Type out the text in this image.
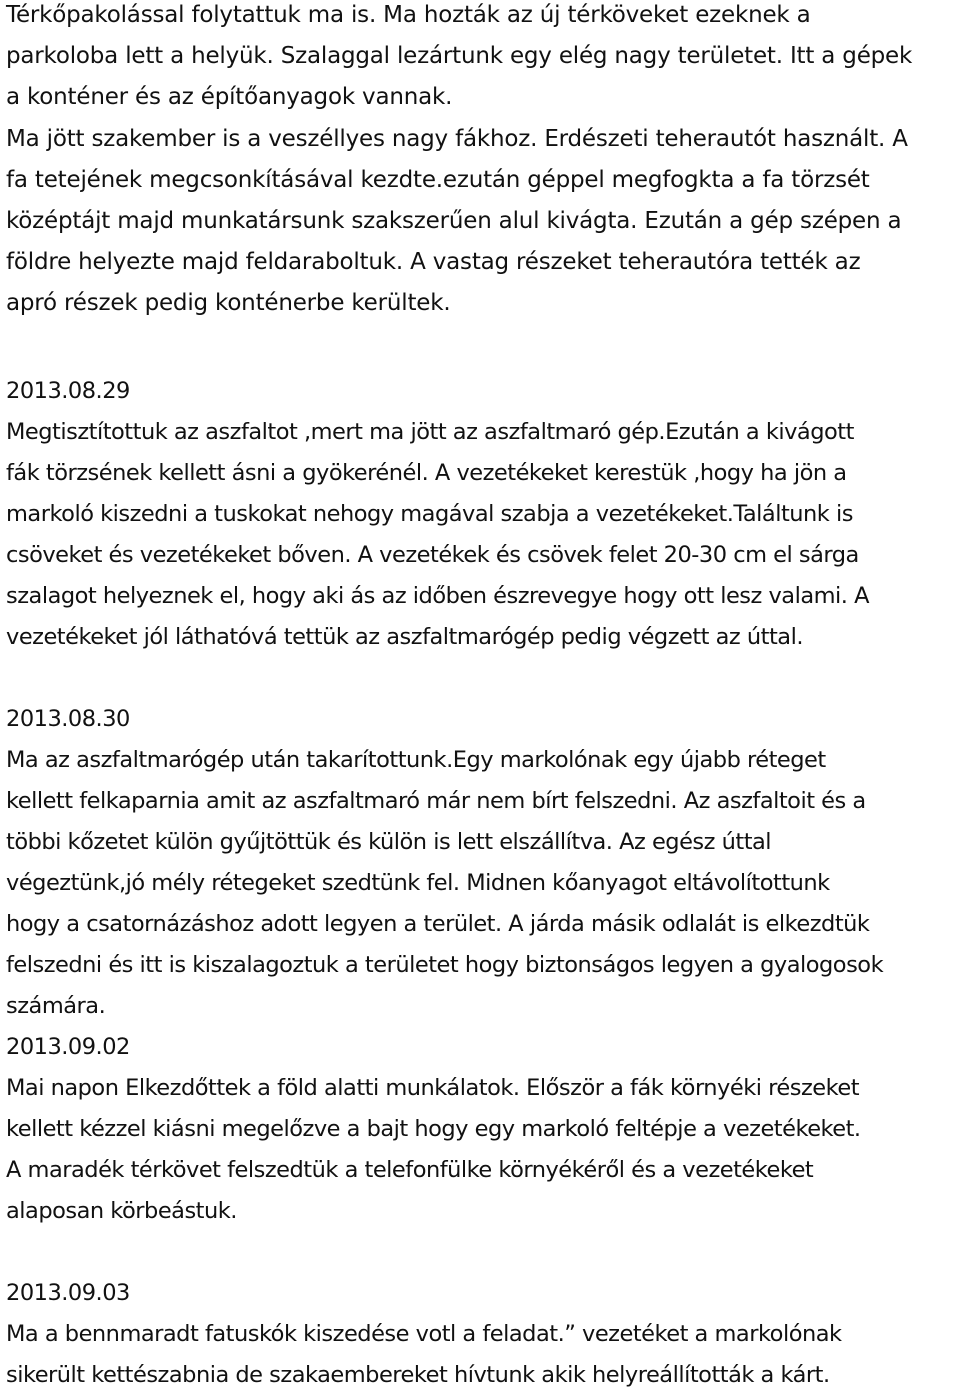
Térkőpakolással folytattuk ma is. Ma hozták az új térköveket ezeknek a
parkoloba lett a helyük. Szalaggal lezártunk egy elég nagy területet. Itt a gépek
a konténer és az építőanyagok vannak.
Ma jött szakember is a veszéllyes nagy fákhoz. Erdészeti teherautót használt. A
fa tetejének megcsonkításával kezdte.ezután géppel megfogkta a fa törzsét
középtájt majd munkatársunk szakszerűen alul kivágta. Ezután a gép szépen a
földre helyezte majd feldaraboltuk. A vastag részeket teherautóra tették az
apró részek pedig konténerbe kerültek.
2013.08.29
Megtisztítottuk az aszfaltot ,mert ma jött az aszfaltmaró gép.Ezután a kivágott
fák törzsének kellett ásni a gyökerénél. A vezetékeket kerestük ,hogy ha jön a
markoló kiszedni a tuskokat nehogy magával szabja a vezetékeket.Találtunk is
csöveket és vezetékeket bőven. A vezetékek és csövek felet 20-30 cm el sárga
szalagot helyeznek el, hogy aki ás az időben észrevegye hogy ott lesz valami. A
vezetékeket jól láthatóvá tettük az aszfaltmarógép pedig végzett az úttal.
2013.08.30
Ma az aszfaltmarógép után takarítottunk.Egy markolónak egy újabb réteget
kellett felkaparnia amit az aszfaltmaró már nem bírt felszedni. Az aszfaltoit és a
többi kőzetet külön gyűjtöttük és külön is lett elszállítva. Az egész úttal
végeztünk,jó mély rétegeket szedtünk fel. Midnen kőanyagot eltávolítottunk
hogy a csatornázáshoz adott legyen a terület. A járda másik odlalát is elkezdtük
felszedni és itt is kiszalagoztuk a területet hogy biztonságos legyen a gyalogosok
számára.
2013.09.02
Mai napon Elkezdőttek a föld alatti munkálatok. Először a fák környéki részeket
kellett kézzel kiásni megelőzve a bajt hogy egy markoló feltépje a vezetékeket.
A maradék térkövet felszedtük a telefonfülke környékéről és a vezetékeket
alaposan körbeástuk.
2013.09.03
Ma a bennmaradt fatuskók kiszedése votl a feladat.” vezetéket a markolónak
sikerült kettészabnia de szakaembereket hívtunk akik helyreállították a kárt.
